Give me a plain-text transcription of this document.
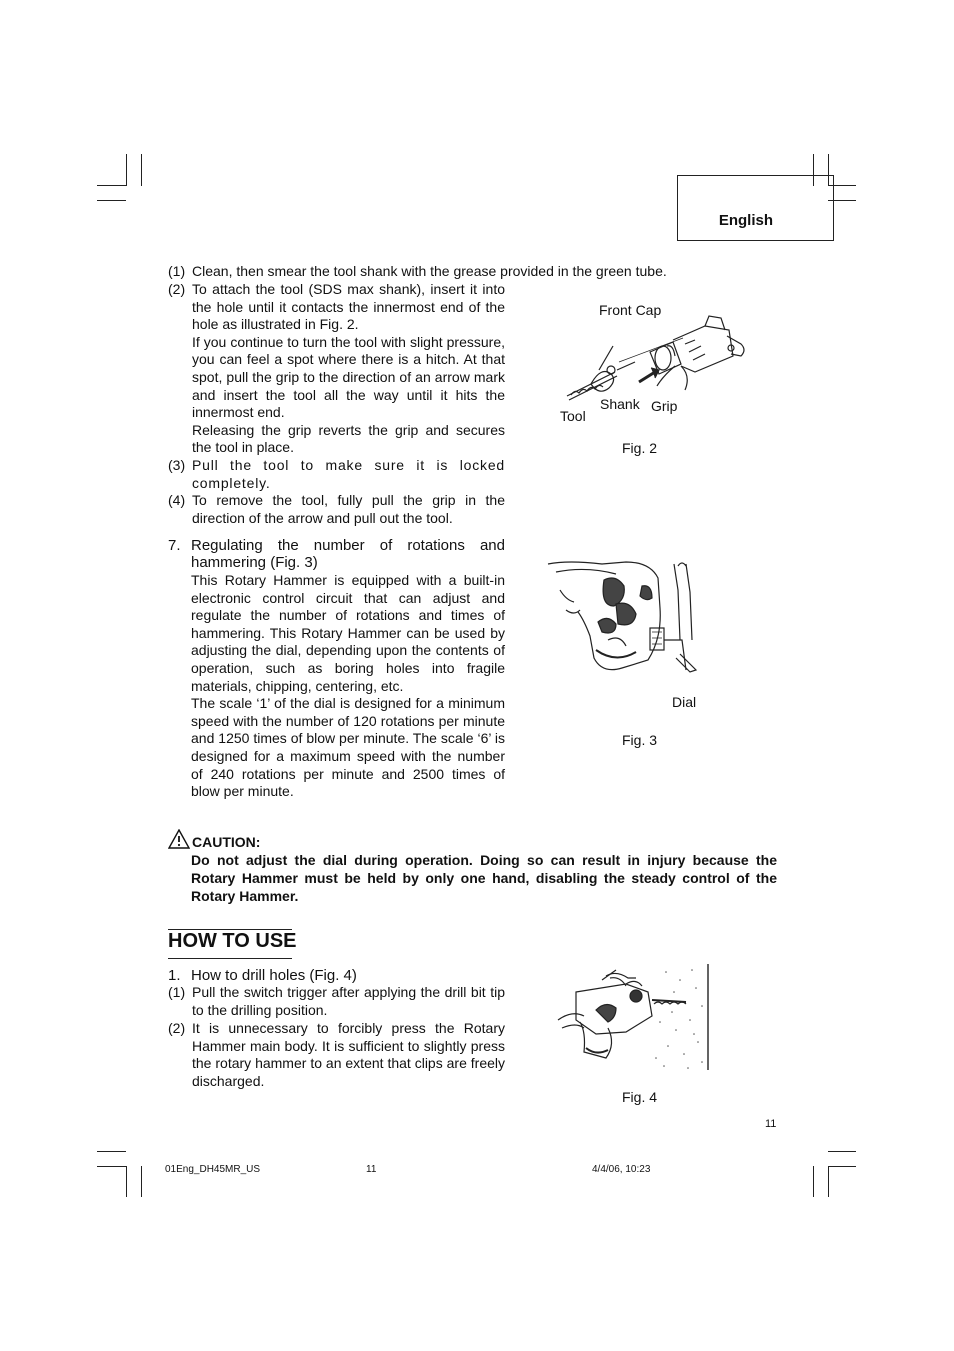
English
(1) Clean, then smear the tool shank with the grease provided in the green tube.
(2) To attach the tool (SDS max shank), insert it into the hole until it contacts the innermost end of the hole as illustrated in Fig. 2.
If you continue to turn the tool with slight pressure, you can feel a spot where there is a hitch. At that spot, pull the grip to the direction of an arrow mark and insert the tool all the way until it hits the innermost end.
Releasing the grip reverts the grip and secures the tool in place.
(3) Pull the tool to make sure it is locked completely.
(4) To remove the tool, fully pull the grip in the direction of the arrow and pull out the tool.
Front Cap
Shank Grip
Tool
Fig. 2
7. Regulating the number of rotations and hammering (Fig. 3)
This Rotary Hammer is equipped with a built-in electronic control circuit that can adjust and regulate the number of rotations and times of hammering. This Rotary Hammer can be used by adjusting the dial, depending upon the contents of operation, such as boring holes into fragile materials, chipping, centering, etc.
The scale ‘1’ of the dial is designed for a minimum speed with the number of 120 rotations per minute and 1250 times of blow per minute. The scale ‘6’ is designed for a maximum speed with the number of 240 rotations per minute and 2500 times of blow per minute.
Dial
Fig. 3
CAUTION:
Do not adjust the dial during operation. Doing so can result in injury because the Rotary Hammer must be held by only one hand, disabling the steady control of the Rotary Hammer.
HOW TO USE
1. How to drill holes (Fig. 4)
(1) Pull the switch trigger after applying the drill bit tip to the drilling position.
(2) It is unnecessary to forcibly press the Rotary Hammer main body. It is sufficient to slightly press the rotary hammer to an extent that clips are freely discharged.
Fig. 4
11
01Eng_DH45MR_US	11	4/4/06, 10:23
